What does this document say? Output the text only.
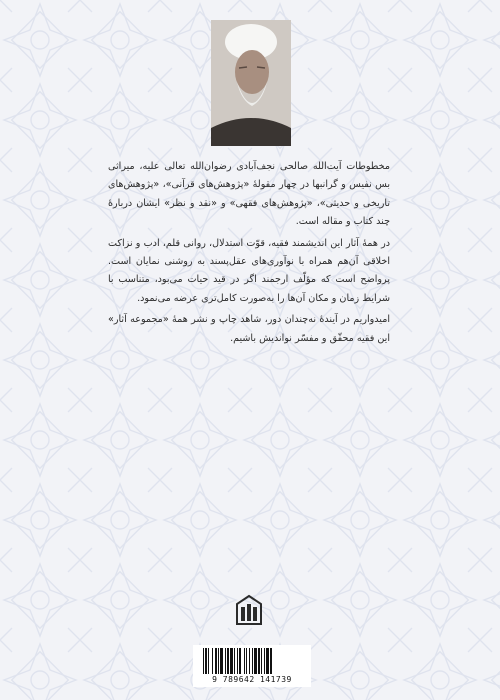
مخطوطات آیت‌الله صالحی نجف‌آبادی رضوان‌الله تعالی علیه، میراثی بس نفیس و گرانبها در چهار مقولهٔ «پژوهش‌های قرآنی»، «پژوهش‌های تاریخی و حدیثی»، «پژوهش‌های فقهی» و «نقد و نظر» ایشان دربارهٔ چند کتاب و مقاله است.

در همهٔ آثار این اندیشمند فقیه، قوّت استدلال، روانی قلم، ادب و نزاکت اخلاقی آن‌هم همراه با نوآوری‌های عقل‌پسند به روشنی نمایان است. پرواضح است که مؤلّف ارجمند اگر در قید حیات می‌بود، متناسب با شرایط زمان و مکان آن‌ها را به‌صورت کامل‌تری عرضه می‌نمود.

امیدواریم در آیندهٔ نه‌چندان دور، شاهد چاپ و نشر همهٔ «مجموعه آثار» این فقیه محقّق و مفسّر نواندیش باشیم.

9 789642 141739
